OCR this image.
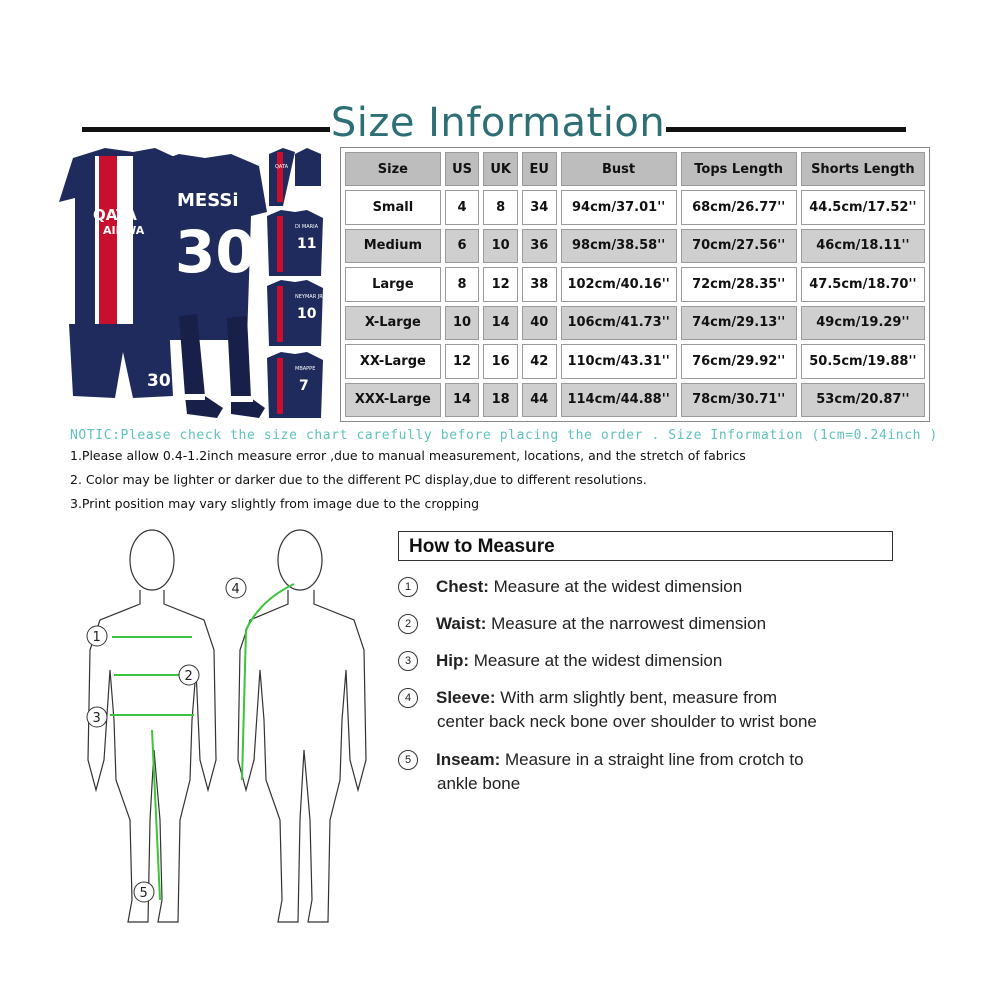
Size Information
QATA
AIRWA
30
MESSi
30
QATA
DI MARIA
11
NEYMAR JR
10
MBAPPE
7
Size	US	UK	EU	Bust	Tops Length	Shorts Length
Small	4	8	34	94cm/37.01''	68cm/26.77''	44.5cm/17.52''
Medium	6	10	36	98cm/38.58''	70cm/27.56''	46cm/18.11''
Large	8	12	38	102cm/40.16''	72cm/28.35''	47.5cm/18.70''
X-Large	10	14	40	106cm/41.73''	74cm/29.13''	49cm/19.29''
XX-Large	12	16	42	110cm/43.31''	76cm/29.92''	50.5cm/19.88''
XXX-Large	14	18	44	114cm/44.88''	78cm/30.71''	53cm/20.87''
NOTIC:Please check the size chart carefully before placing the order . Size Information (1cm=0.24inch )
1.Please allow 0.4-1.2inch measure error ,due to manual measurement, locations, and the stretch of fabrics
2. Color may be lighter or darker due to the different PC display,due to different resolutions.
3.Print position may vary slightly from image due to the cropping
1
2
3
4
5
How to Measure
1 Chest: Measure at the widest dimension
2 Waist: Measure at the narrowest dimension
3 Hip: Measure at the widest dimension
4 Sleeve: With arm slightly bent, measure from
center back neck bone over shoulder to wrist bone
5 Inseam: Measure in a straight line from crotch to
ankle bone
